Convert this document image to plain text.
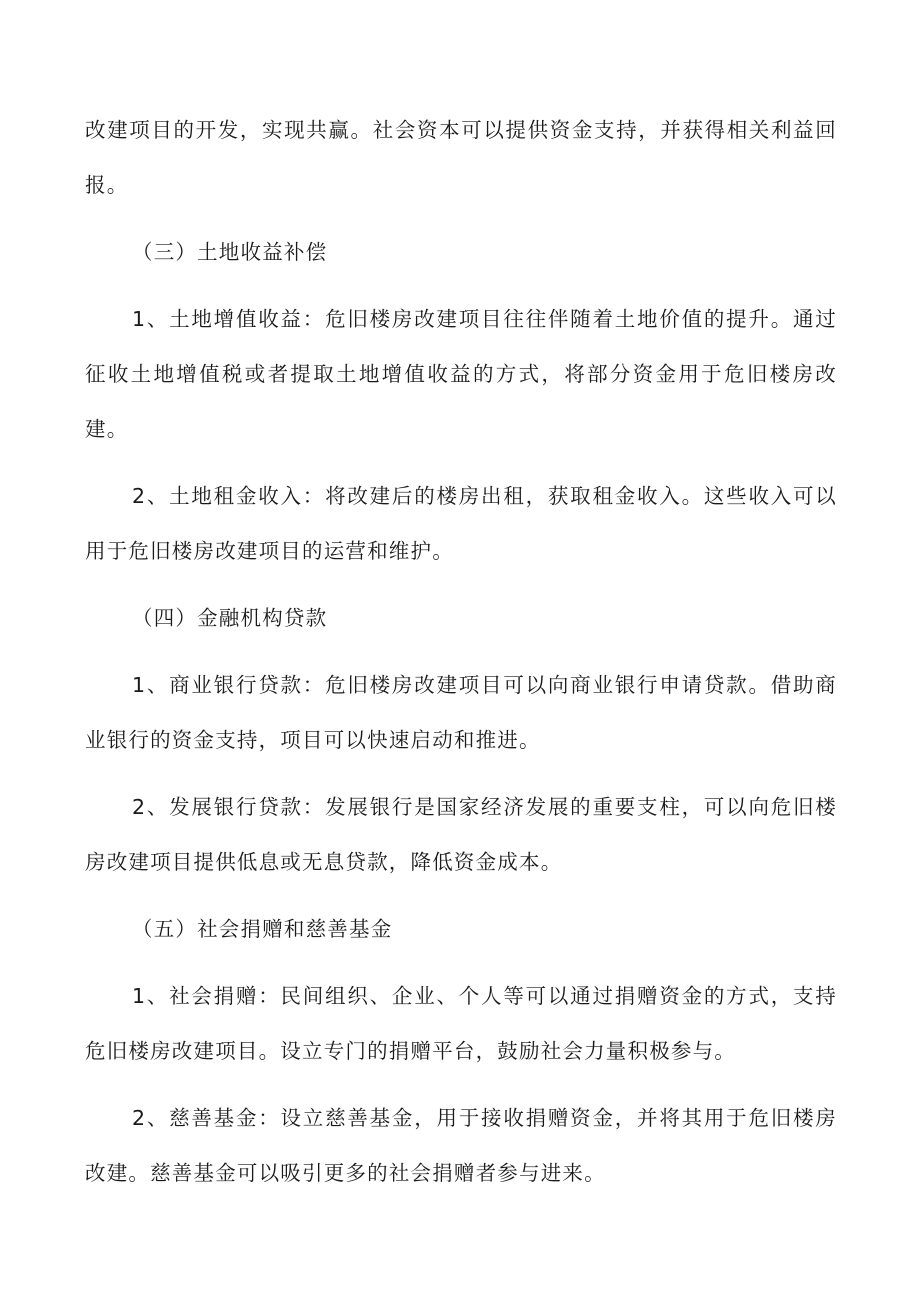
改建项目的开发，实现共赢。社会资本可以提供资金支持，并获得相关利益回报。

（三）土地收益补偿

1、土地增值收益：危旧楼房改建项目往往伴随着土地价值的提升。通过征收土地增值税或者提取土地增值收益的方式，将部分资金用于危旧楼房改建。

2、土地租金收入：将改建后的楼房出租，获取租金收入。这些收入可以用于危旧楼房改建项目的运营和维护。

（四）金融机构贷款

1、商业银行贷款：危旧楼房改建项目可以向商业银行申请贷款。借助商业银行的资金支持，项目可以快速启动和推进。

2、发展银行贷款：发展银行是国家经济发展的重要支柱，可以向危旧楼房改建项目提供低息或无息贷款，降低资金成本。

（五）社会捐赠和慈善基金

1、社会捐赠：民间组织、企业、个人等可以通过捐赠资金的方式，支持危旧楼房改建项目。设立专门的捐赠平台，鼓励社会力量积极参与。

2、慈善基金：设立慈善基金，用于接收捐赠资金，并将其用于危旧楼房改建。慈善基金可以吸引更多的社会捐赠者参与进来。
